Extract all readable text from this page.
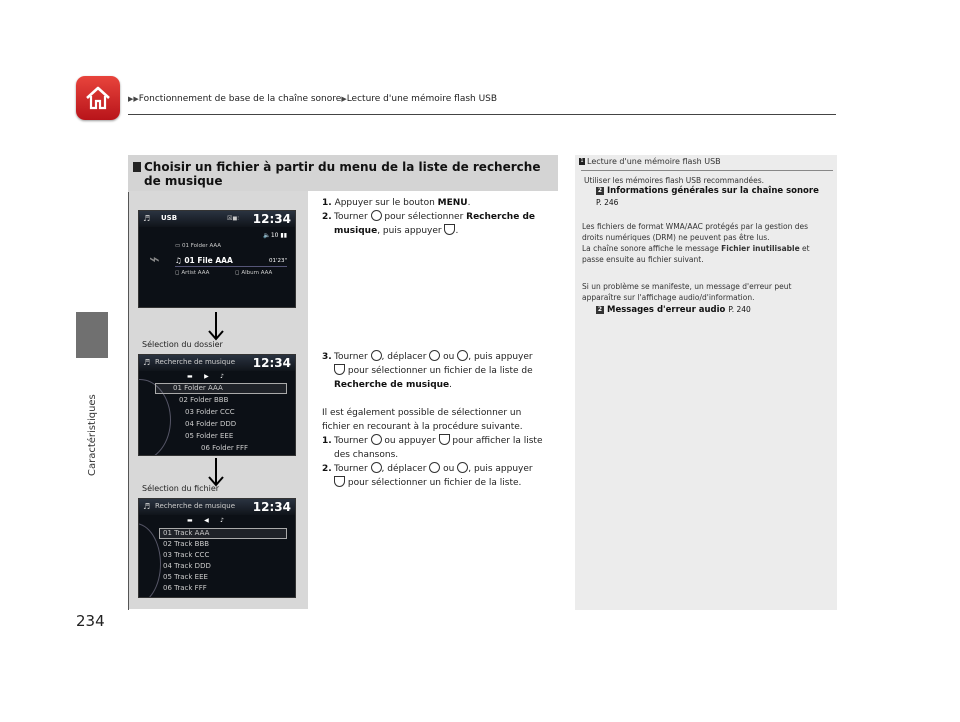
▶▶Fonctionnement de base de la chaîne sonore▶Lecture d'une mémoire flash USB
Caractéristiques
234
Choisir un fichier à partir du menu de la liste de recherche de musique
♬ USB	☒◼⫶ 12:34
🔈10 ▮▮
⌁
▭ 01 Folder AAA
♫ 01 File AAA	01'23"
◻ Artist AAA	◻ Album AAA
Sélection du dossier
♬ Recherche de musique 12:34
▬      ▶      ♪
01 Folder AAA
02 Folder BBB
03 Folder CCC
04 Folder DDD
05 Folder EEE
06 Folder FFF
Sélection du fichier
♬ Recherche de musique 12:34
▬      ◀      ♪
01 Track AAA
02 Track BBB
03 Track CCC
04 Track DDD
05 Track EEE
06 Track FFF
1. Appuyer sur le bouton MENU.
2. Tourner  pour sélectionner Recherche de musique, puis appuyer .
3. Tourner , déplacer  ou , puis appuyer
pour sélectionner un fichier de la liste de
Recherche de musique.
Il est également possible de sélectionner un fichier en recourant à la procédure suivante.
1. Tourner  ou appuyer  pour afficher la liste des chansons.
2. Tourner , déplacer  ou , puis appuyer
pour sélectionner un fichier de la liste.
1 Lecture d'une mémoire flash USB
Utiliser les mémoires flash USB recommandées.
2 Informations générales sur la chaîne sonore P. 246
Les fichiers de format WMA/AAC protégés par la gestion des droits numériques (DRM) ne peuvent pas être lus.
La chaîne sonore affiche le message Fichier inutilisable et passe ensuite au fichier suivant.
Si un problème se manifeste, un message d'erreur peut apparaître sur l'affichage audio/d'information.
2 Messages d'erreur audio P. 240
